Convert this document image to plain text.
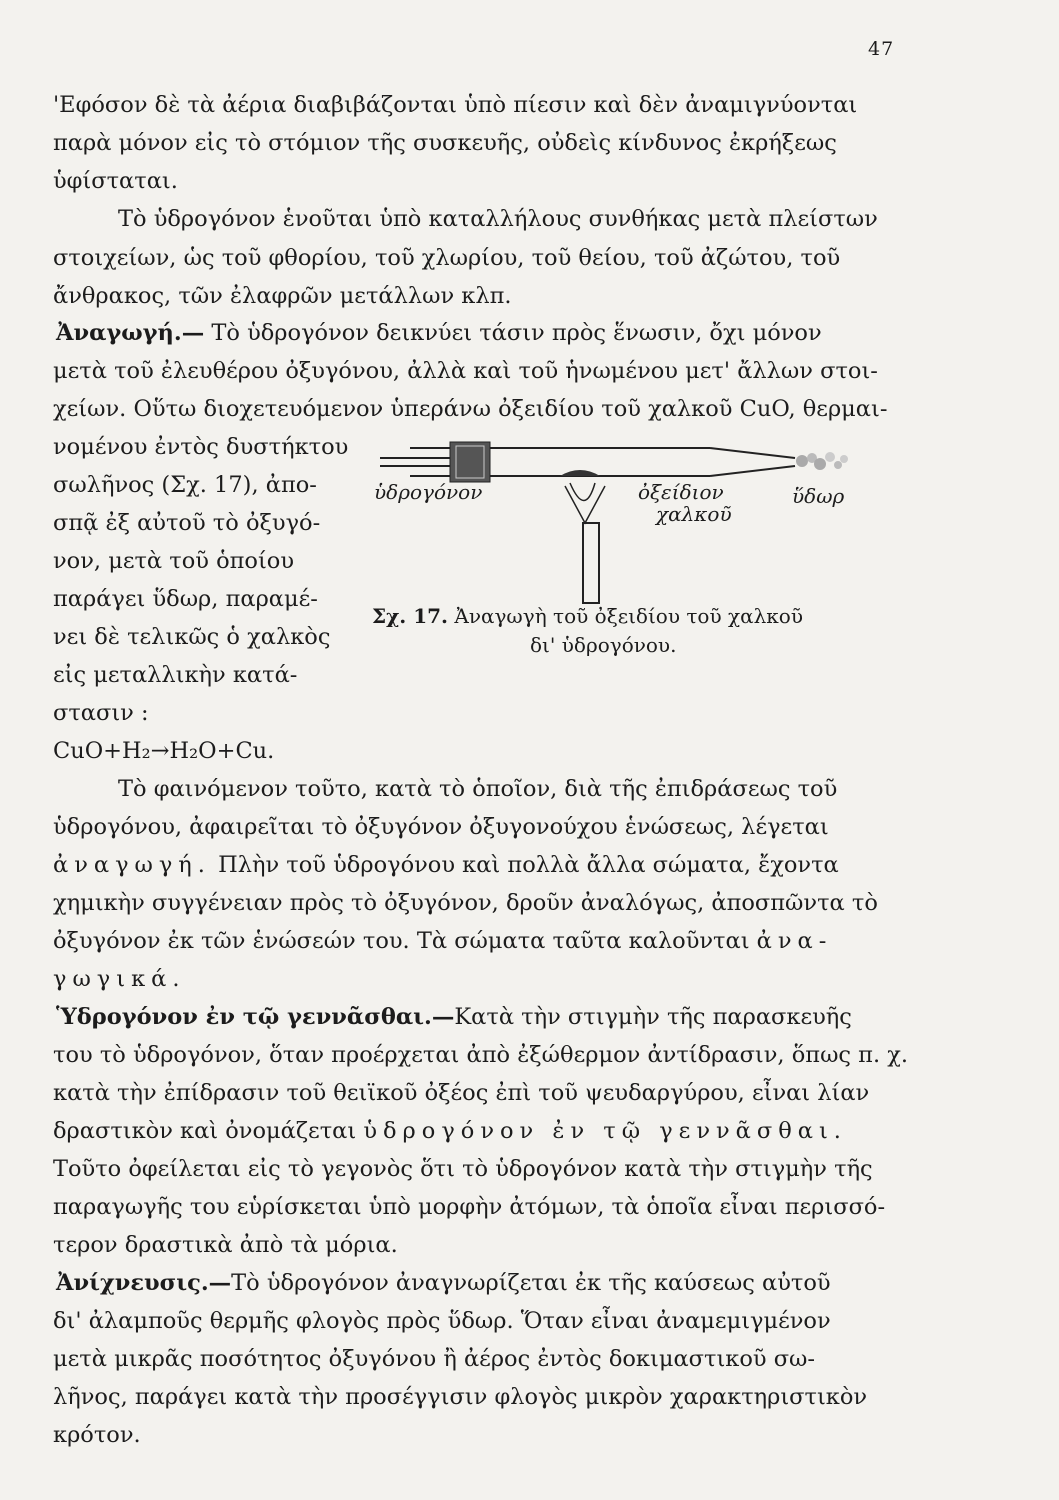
47
'Εφόσον δὲ τὰ ἀέρια διαβιβάζονται ὑπὸ πίεσιν καὶ δὲν ἀναμιγνύονται
παρὰ μόνον εἰς τὸ στόμιον τῆς συσκευῆς, οὐδεὶς κίνδυνος ἐκρήξεως
ὑφίσταται.
Τὸ ὑδρογόνον ἑνοῦται ὑπὸ καταλλήλους συνθήκας μετὰ πλείστων
στοιχείων, ὡς τοῦ φθορίου, τοῦ χλωρίου, τοῦ θείου, τοῦ ἀζώτου, τοῦ
ἄνθρακος, τῶν ἐλαφρῶν μετάλλων κλπ.
Ἀναγωγή.— Τὸ ὑδρογόνον δεικνύει τάσιν πρὸς ἕνωσιν, ὄχι μόνον
μετὰ τοῦ ἐλευθέρου ὀξυγόνου, ἀλλὰ καὶ τοῦ ἡνωμένου μετ' ἄλλων στοι-
χείων. Οὕτω διοχετευόμενον ὑπεράνω ὀξειδίου τοῦ χαλκοῦ CuO, θερμαι-
νομένου ἐντὸς δυστήκτου
σωλῆνος (Σχ. 17), ἀπο-
σπᾷ ἐξ αὐτοῦ τὸ ὀξυγό-
νον, μετὰ τοῦ ὁποίου
παράγει ὕδωρ, παραμέ-
νει δὲ τελικῶς ὁ χαλκὸς
εἰς μεταλλικὴν κατά-
στασιν :
CuO+H₂→H₂O+Cu.
ὑδρογόνον	ὀξείδιον
χαλκοῦ
ὕδωρ
Σχ. 17. Ἀναγωγὴ τοῦ ὀξειδίου τοῦ χαλκοῦ
δι' ὑδρογόνου.
Τὸ φαινόμενον τοῦτο, κατὰ τὸ ὁποῖον, διὰ τῆς ἐπιδράσεως τοῦ
ὑδρογόνου, ἀφαιρεῖται τὸ ὀξυγόνον ὀξυγονούχου ἑνώσεως, λέγεται
ἀναγωγή. Πλὴν τοῦ ὑδρογόνου καὶ πολλὰ ἄλλα σώματα, ἔχοντα
χημικὴν συγγένειαν πρὸς τὸ ὀξυγόνον, δροῦν ἀναλόγως, ἀποσπῶντα τὸ
ὀξυγόνον ἐκ τῶν ἑνώσεών του. Τὰ σώματα ταῦτα καλοῦνται ἀνα-
γωγικά.
Ὑδρογόνον ἐν τῷ γεννᾶσθαι.—Κατὰ τὴν στιγμὴν τῆς παρασκευῆς
του τὸ ὑδρογόνον, ὅταν προέρχεται ἀπὸ ἐξώθερμον ἀντίδρασιν, ὅπως π. χ.
κατὰ τὴν ἐπίδρασιν τοῦ θειϊκοῦ ὀξέος ἐπὶ τοῦ ψευδαργύρου, εἶναι λίαν
δραστικὸν καὶ ὀνομάζεται ὑδρογόνον ἐν τῷ γεννᾶσθαι.
Τοῦτο ὀφείλεται εἰς τὸ γεγονὸς ὅτι τὸ ὑδρογόνον κατὰ τὴν στιγμὴν τῆς
παραγωγῆς του εὑρίσκεται ὑπὸ μορφὴν ἀτόμων, τὰ ὁποῖα εἶναι περισσό-
τερον δραστικὰ ἀπὸ τὰ μόρια.
Ἀνίχνευσις.—Τὸ ὑδρογόνον ἀναγνωρίζεται ἐκ τῆς καύσεως αὐτοῦ
δι' ἀλαμποῦς θερμῆς φλογὸς πρὸς ὕδωρ. Ὅταν εἶναι ἀναμεμιγμένον
μετὰ μικρᾶς ποσότητος ὀξυγόνου ἢ ἀέρος ἐντὸς δοκιμαστικοῦ σω-
λῆνος, παράγει κατὰ τὴν προσέγγισιν φλογὸς μικρὸν χαρακτηριστικὸν
κρότον.
